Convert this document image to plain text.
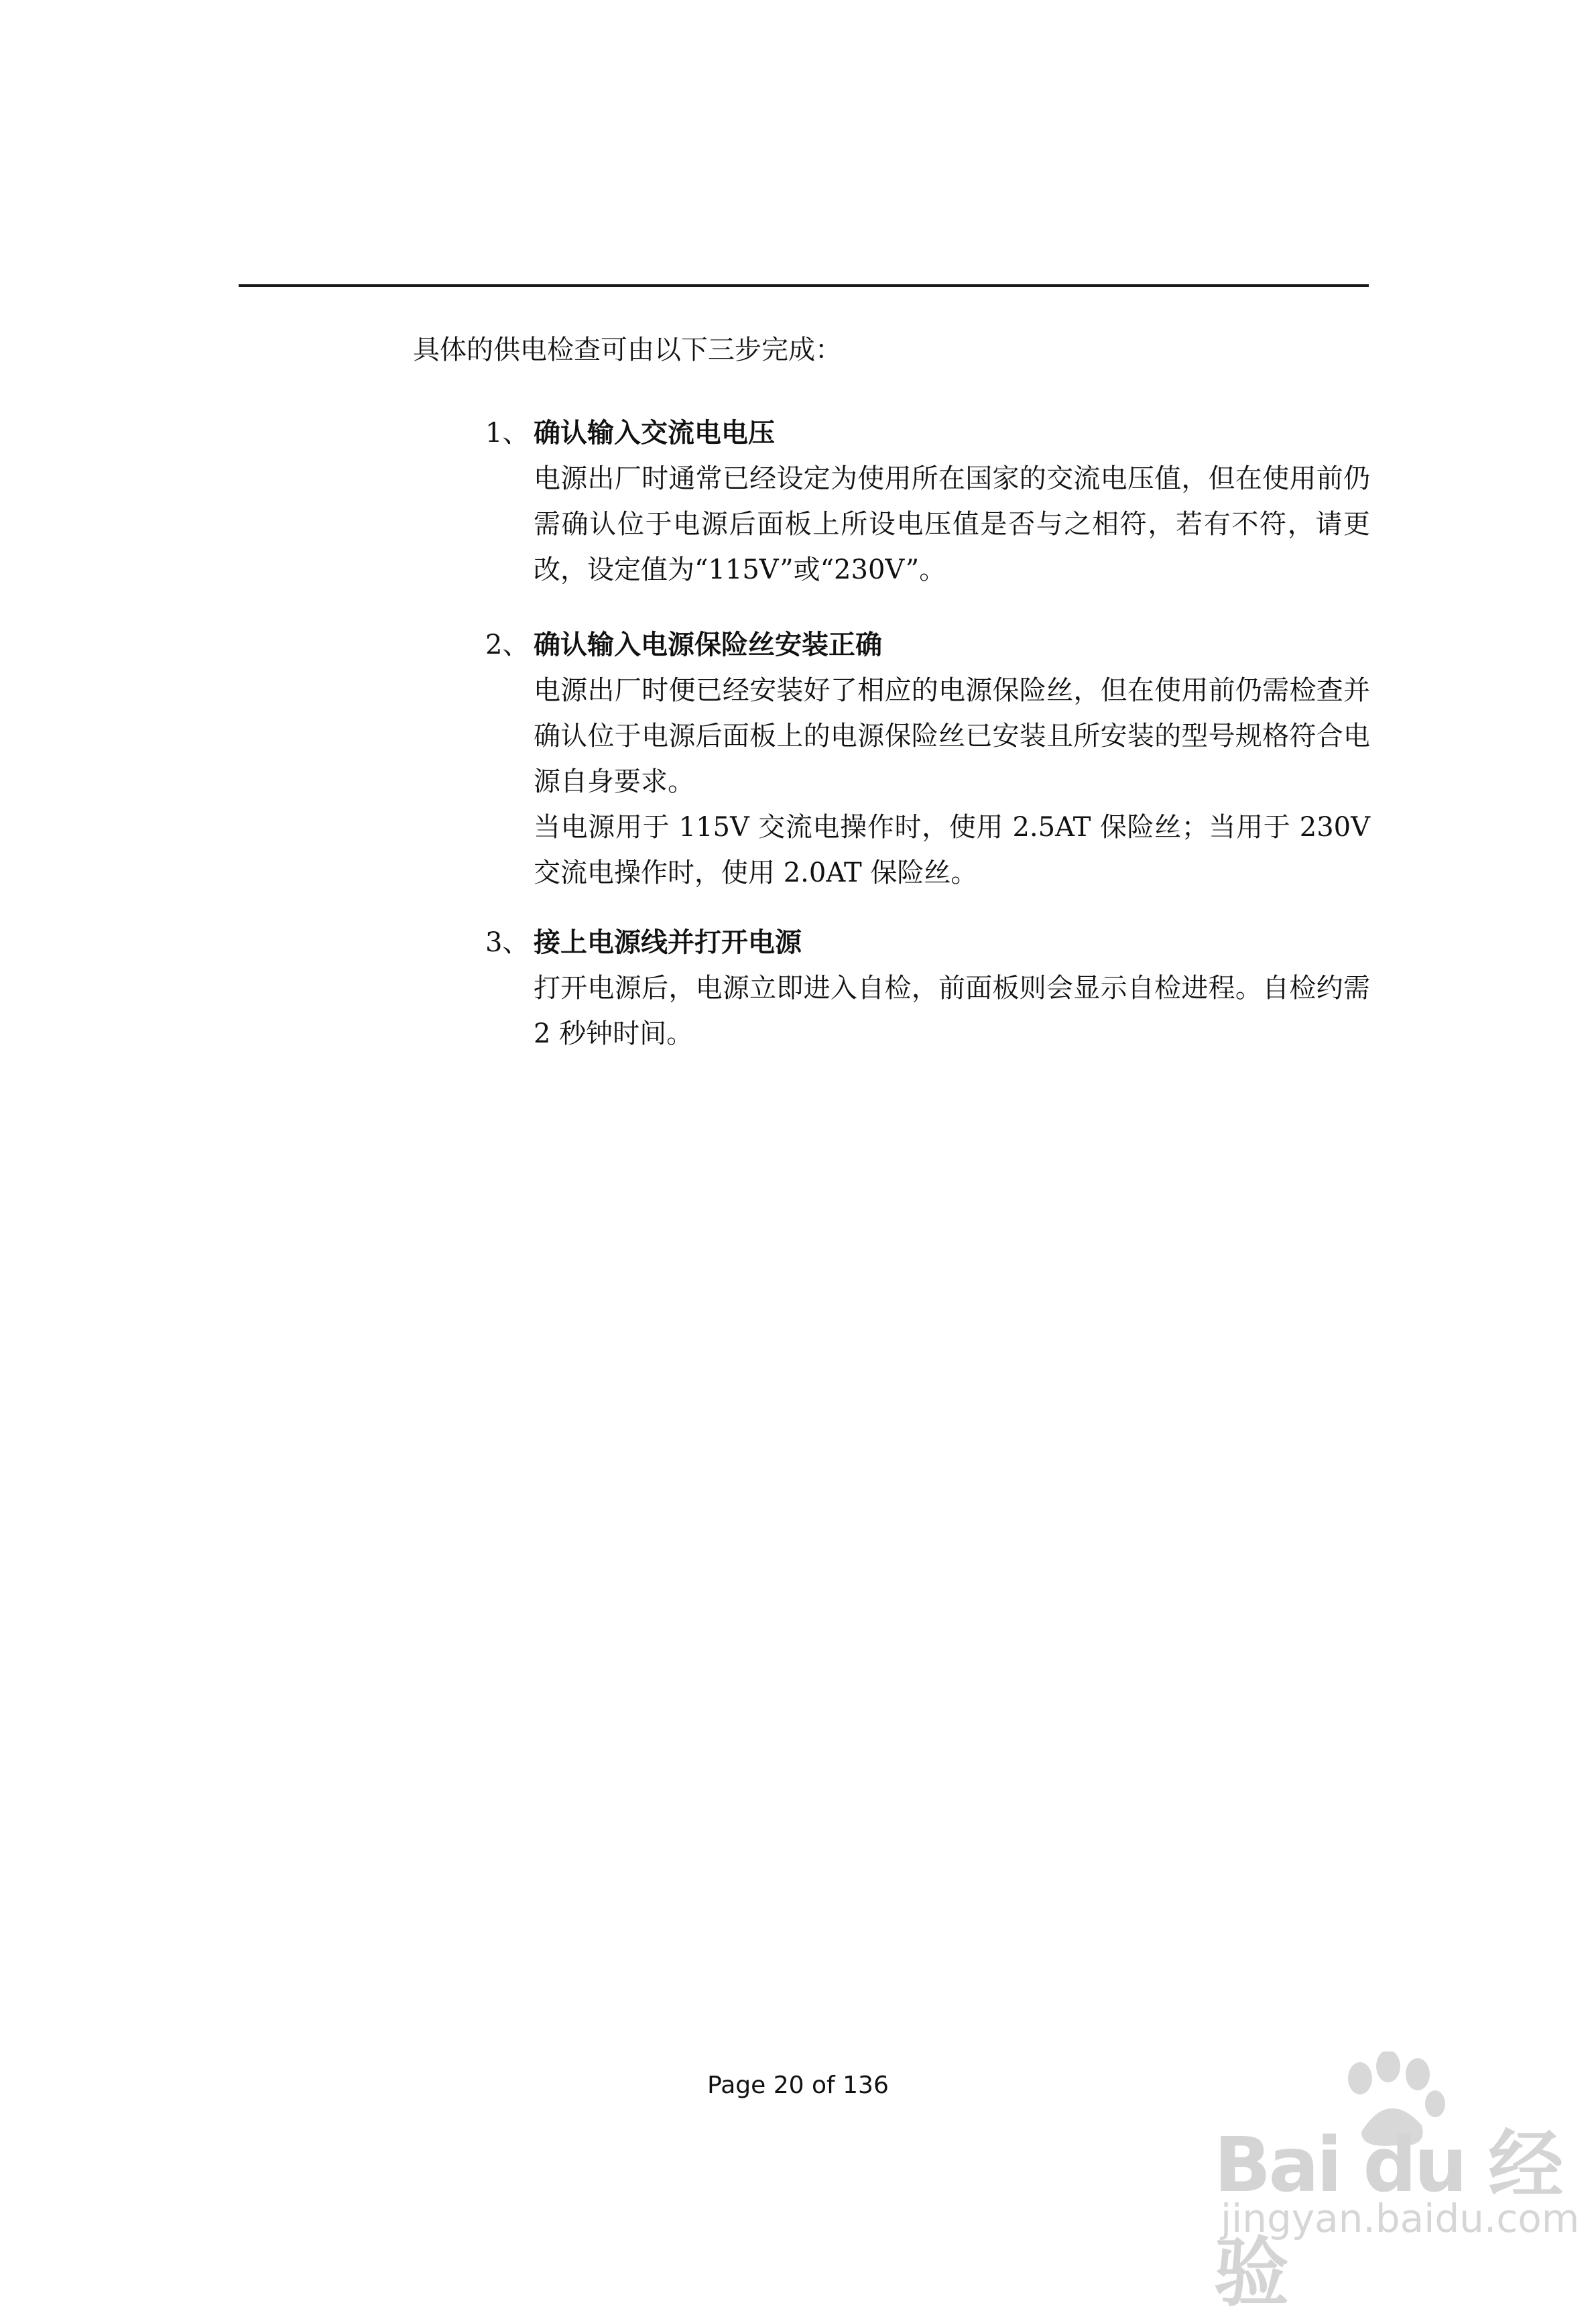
具体的供电检查可由以下三步完成：
1、 确认输入交流电电压

电源出厂时通常已经设定为使用所在国家的交流电压值，但在使用前仍需确认位于电源后面板上所设电压值是否与之相符，若有不符，请更改，设定值为“115V”或“230V”。

2、 确认输入电源保险丝安装正确

电源出厂时便已经安装好了相应的电源保险丝，但在使用前仍需检查并确认位于电源后面板上的电源保险丝已安装且所安装的型号规格符合电源自身要求。

当电源用于 115V 交流电操作时，使用 2.5AT 保险丝；当用于 230V 交流电操作时，使用 2.0AT 保险丝。

3、 接上电源线并打开电源

打开电源后，电源立即进入自检，前面板则会显示自检进程。自检约需 2 秒钟时间。

Page 20 of 136
Bai du 经验
jingyan.baidu.com
